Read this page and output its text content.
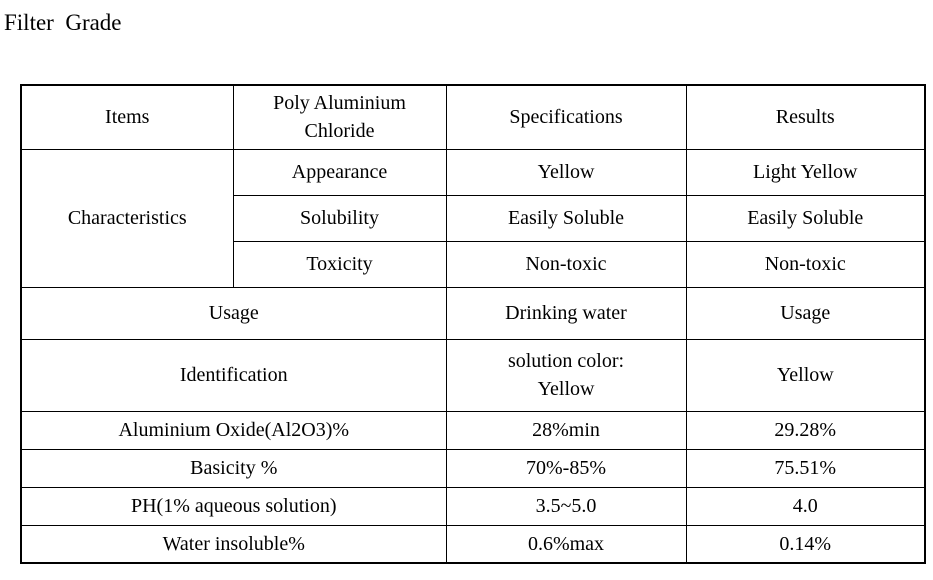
Filter  Grade
Items	Poly Aluminium Chloride	Specifications	Results
Characteristics	Appearance	Yellow	Light Yellow
	Solubility	Easily Soluble	Easily Soluble
	Toxicity	Non-toxic	Non-toxic
Usage		Drinking water	Usage
Identification		solution color: Yellow	Yellow
Aluminium Oxide(Al2O3)%		28%min	29.28%
Basicity %		70%-85%	75.51%
PH(1% aqueous solution)		3.5~5.0	4.0
Water insoluble%		0.6%max	0.14%
